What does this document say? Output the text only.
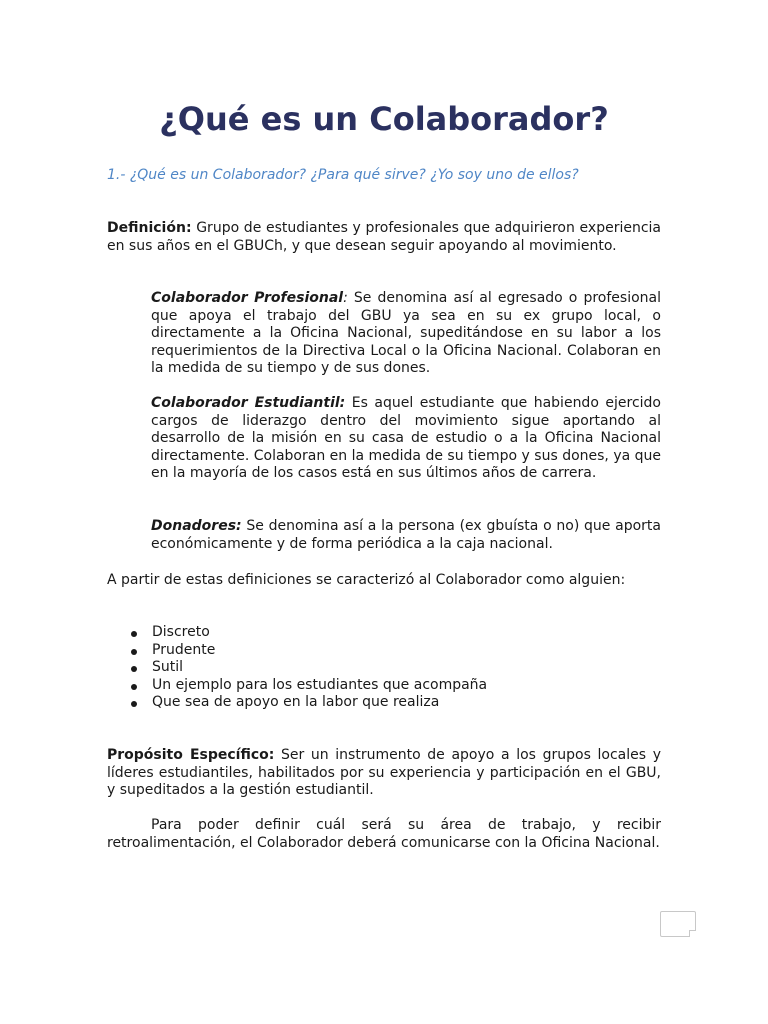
¿Qué es un Colaborador?

1.- ¿Qué es un Colaborador? ¿Para qué sirve? ¿Yo soy uno de ellos?

Definición: Grupo de estudiantes y profesionales que adquirieron experiencia en sus años en el GBUCh, y que desean seguir apoyando al movimiento.

Colaborador Profesional: Se denomina así al egresado o profesional que apoya el trabajo del GBU ya sea en su ex grupo local, o directamente a la Oficina Nacional, supeditándose en su labor a los requerimientos de la Directiva Local o la Oficina Nacional. Colaboran en la medida de su tiempo y de sus dones.

Colaborador Estudiantil: Es aquel estudiante que habiendo ejercido cargos de liderazgo dentro del movimiento sigue aportando al desarrollo de la misión en su casa de estudio o a la Oficina Nacional directamente. Colaboran en la medida de su tiempo y sus dones, ya que en la mayoría de los casos está en sus últimos años de carrera.

Donadores: Se denomina así a la persona (ex gbuísta o no) que aporta económicamente y de forma periódica a la caja nacional.

A partir de estas definiciones se caracterizó al Colaborador como alguien:

Discreto
Prudente
Sutil
Un ejemplo para los estudiantes que acompaña
Que sea de apoyo en la labor que realiza

Propósito Específico: Ser un instrumento de apoyo a los grupos locales y líderes estudiantiles, habilitados por su experiencia y participación en el GBU, y supeditados a la gestión estudiantil.

Para poder definir cuál será su área de trabajo, y recibir retroalimentación, el Colaborador deberá comunicarse con la Oficina Nacional.
